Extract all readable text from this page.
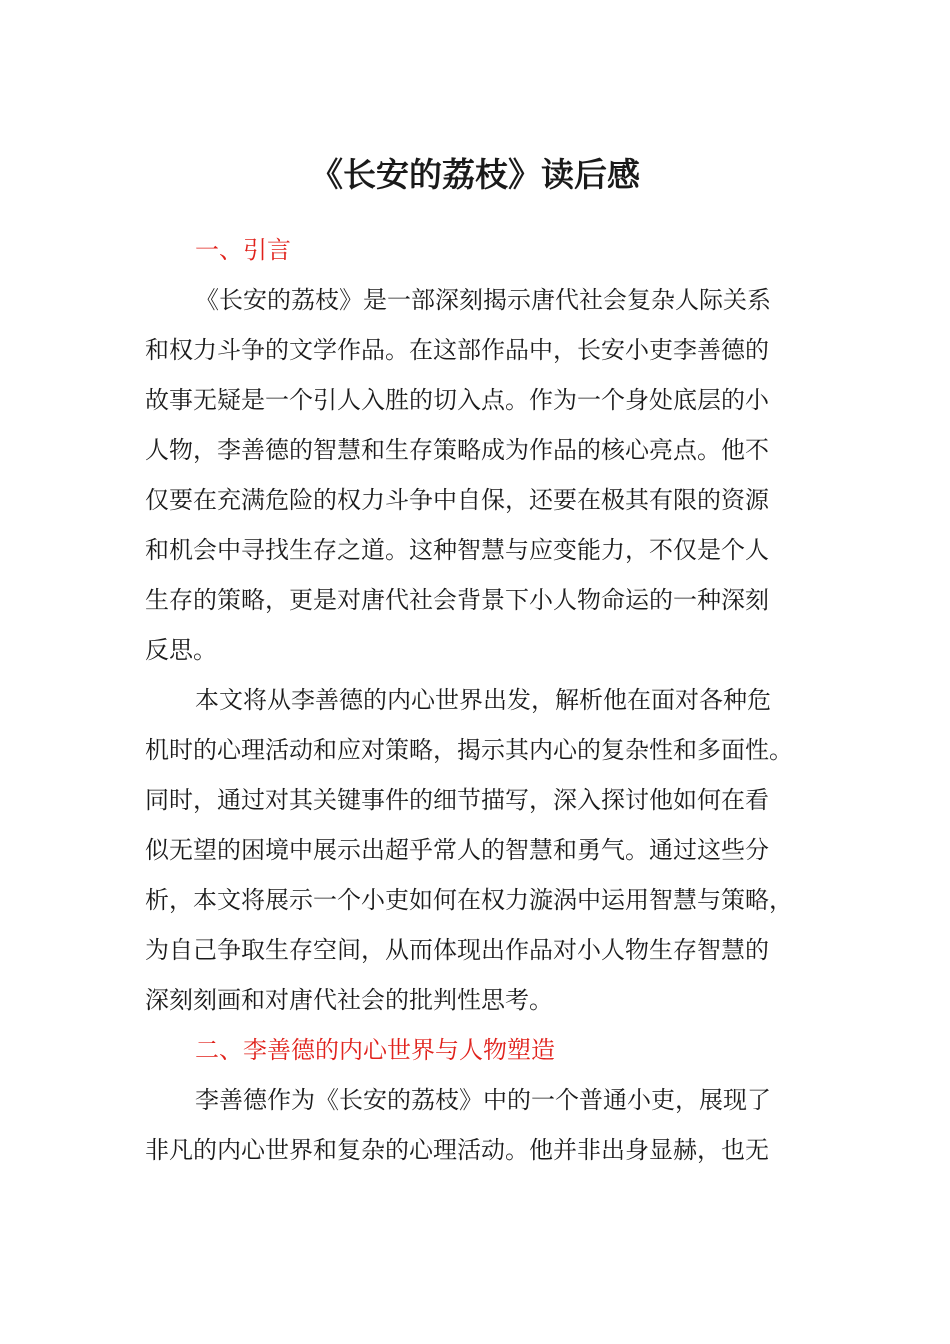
《长安的荔枝》读后感
一、引言
《长安的荔枝》是一部深刻揭示唐代社会复杂人际关系
和权力斗争的文学作品。在这部作品中，长安小吏李善德的
故事无疑是一个引人入胜的切入点。作为一个身处底层的小
人物，李善德的智慧和生存策略成为作品的核心亮点。他不
仅要在充满危险的权力斗争中自保，还要在极其有限的资源
和机会中寻找生存之道。这种智慧与应变能力，不仅是个人
生存的策略，更是对唐代社会背景下小人物命运的一种深刻
反思。
本文将从李善德的内心世界出发，解析他在面对各种危
机时的心理活动和应对策略，揭示其内心的复杂性和多面性。
同时，通过对其关键事件的细节描写，深入探讨他如何在看
似无望的困境中展示出超乎常人的智慧和勇气。通过这些分
析，本文将展示一个小吏如何在权力漩涡中运用智慧与策略，
为自己争取生存空间，从而体现出作品对小人物生存智慧的
深刻刻画和对唐代社会的批判性思考。
二、李善德的内心世界与人物塑造
李善德作为《长安的荔枝》中的一个普通小吏，展现了
非凡的内心世界和复杂的心理活动。他并非出身显赫，也无
